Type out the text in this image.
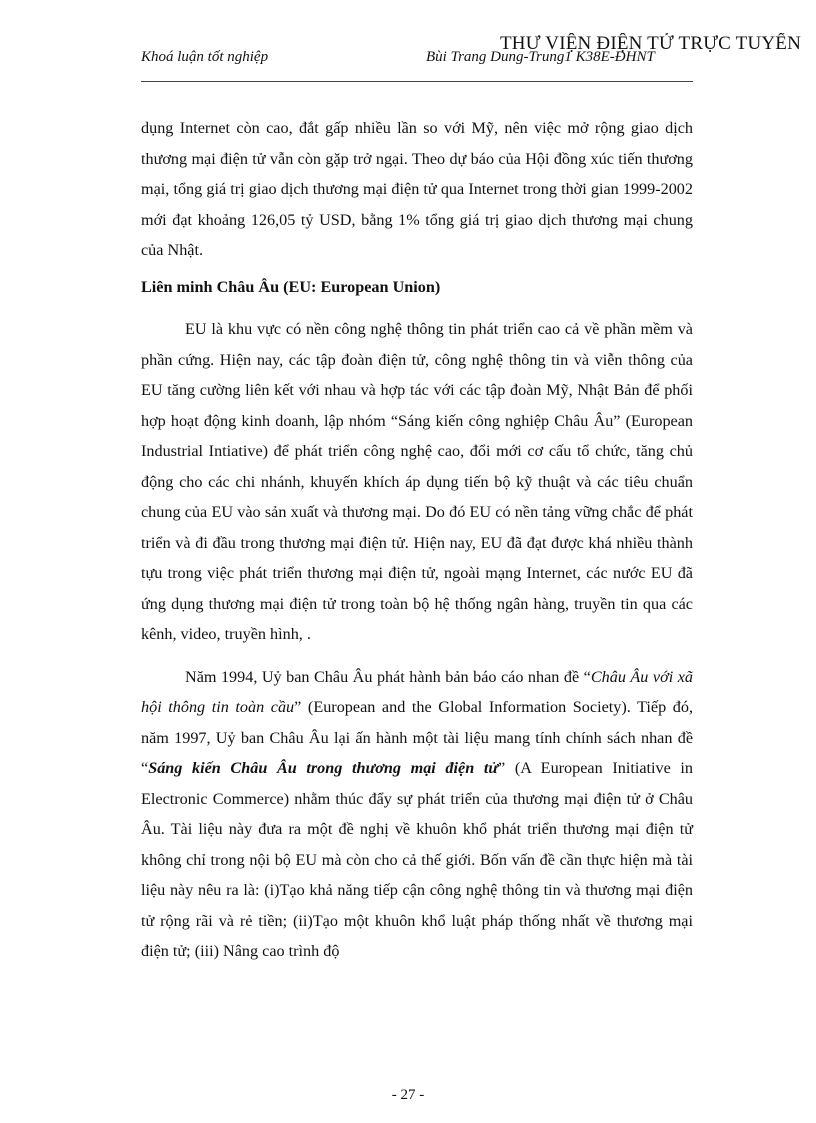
THƯ VIỆN ĐIỆN TỬ TRỰC TUYẾN
Khoá luận tốt nghiệp	Bùi Trang Dung-Trung1 K38E-ĐHNT

dụng Internet còn cao, đắt gấp nhiều lần so với Mỹ, nên việc mở rộng giao dịch thương mại điện tử vẫn còn gặp trở ngại. Theo dự báo của Hội đồng xúc tiến thương mại, tổng giá trị giao dịch thương mại điện tử qua Internet trong thời gian 1999-2002 mới đạt khoảng 126,05 tỷ USD, bằng 1% tổng giá trị giao dịch thương mại chung của Nhật.

Liên minh Châu Âu (EU: European Union)

EU là khu vực có nền công nghệ thông tin phát triển cao cả về phần mềm và phần cứng. Hiện nay, các tập đoàn điện tử, công nghệ thông tin và viễn thông của EU tăng cường liên kết với nhau và hợp tác với các tập đoàn Mỹ, Nhật Bản để phối hợp hoạt động kinh doanh, lập nhóm “Sáng kiến công nghiệp Châu Âu” (European Industrial Intiative) để phát triển công nghệ cao, đổi mới cơ cấu tổ chức, tăng chủ động cho các chi nhánh, khuyến khích áp dụng tiến bộ kỹ thuật và các tiêu chuẩn chung của EU vào sản xuất và thương mại. Do đó EU có nền tảng vững chắc để phát triển và đi đầu trong thương mại điện tử. Hiện nay, EU đã đạt được khá nhiều thành tựu trong việc phát triển thương mại điện tử, ngoài mạng Internet, các nước EU đã ứng dụng thương mại điện tử trong toàn bộ hệ thống ngân hàng, truyền tin qua các kênh, video, truyền hình, .

Năm 1994, Uỷ ban Châu Âu phát hành bản báo cáo nhan đề “Châu Âu với xã hội thông tin toàn cầu” (European and the Global Information Society). Tiếp đó, năm 1997, Uỷ ban Châu Âu lại ấn hành một tài liệu mang tính chính sách nhan đề “Sáng kiến Châu Âu trong thương mại điện tử” (A European Initiative in Electronic Commerce) nhằm thúc đẩy sự phát triển của thương mại điện tử ở Châu Âu. Tài liệu này đưa ra một đề nghị về khuôn khổ phát triển thương mại điện tử không chỉ trong nội bộ EU mà còn cho cả thế giới. Bốn vấn đề cần thực hiện mà tài liệu này nêu ra là: (i)Tạo khả năng tiếp cận công nghệ thông tin và thương mại điện tử rộng rãi và rẻ tiền; (ii)Tạo một khuôn khổ luật pháp thống nhất về thương mại điện tử; (iii) Nâng cao trình độ

- 27 -
